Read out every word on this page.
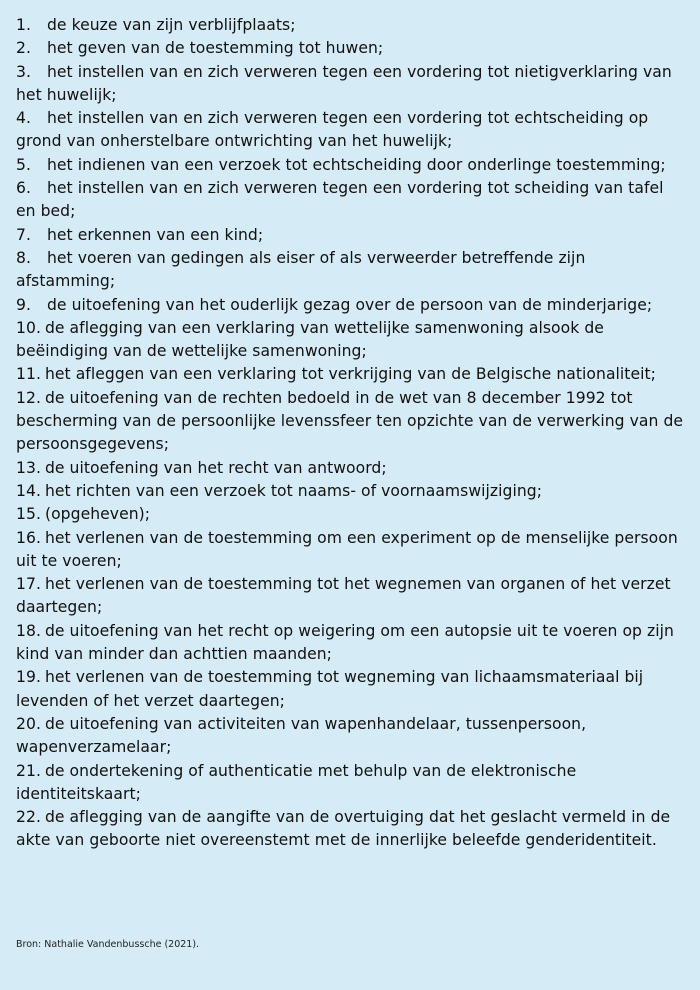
1. de keuze van zijn verblijfplaats;
2. het geven van de toestemming tot huwen;
3. het instellen van en zich verweren tegen een vordering tot nietigverklaring van het huwelijk;
4. het instellen van en zich verweren tegen een vordering tot echtscheiding op grond van onherstelbare ontwrichting van het huwelijk;
5. het indienen van een verzoek tot echtscheiding door onderlinge toestemming;
6. het instellen van en zich verweren tegen een vordering tot scheiding van tafel en bed;
7. het erkennen van een kind;
8. het voeren van gedingen als eiser of als verweerder betreffende zijn afstamming;
9. de uitoefening van het ouderlijk gezag over de persoon van de minderjarige;
10. de aflegging van een verklaring van wettelijke samenwoning alsook de beëindiging van de wettelijke samenwoning;
11. het afleggen van een verklaring tot verkrijging van de Belgische nationaliteit;
12. de uitoefening van de rechten bedoeld in de wet van 8 december 1992 tot bescherming van de persoonlijke levenssfeer ten opzichte van de verwerking van de persoonsgegevens;
13. de uitoefening van het recht van antwoord;
14. het richten van een verzoek tot naams- of voornaamswijziging;
15. (opgeheven);
16. het verlenen van de toestemming om een experiment op de menselijke persoon uit te voeren;
17. het verlenen van de toestemming tot het wegnemen van organen of het verzet daartegen;
18. de uitoefening van het recht op weigering om een autopsie uit te voeren op zijn kind van minder dan achttien maanden;
19. het verlenen van de toestemming tot wegneming van lichaamsmateriaal bij levenden of het verzet daartegen;
20. de uitoefening van activiteiten van wapenhandelaar, tussenpersoon, wapenverzamelaar;
21. de ondertekening of authenticatie met behulp van de elektronische identiteitskaart;
22. de aflegging van de aangifte van de overtuiging dat het geslacht vermeld in de akte van geboorte niet overeenstemt met de innerlijke beleefde genderidentiteit.
Bron: Nathalie Vandenbussche (2021).
